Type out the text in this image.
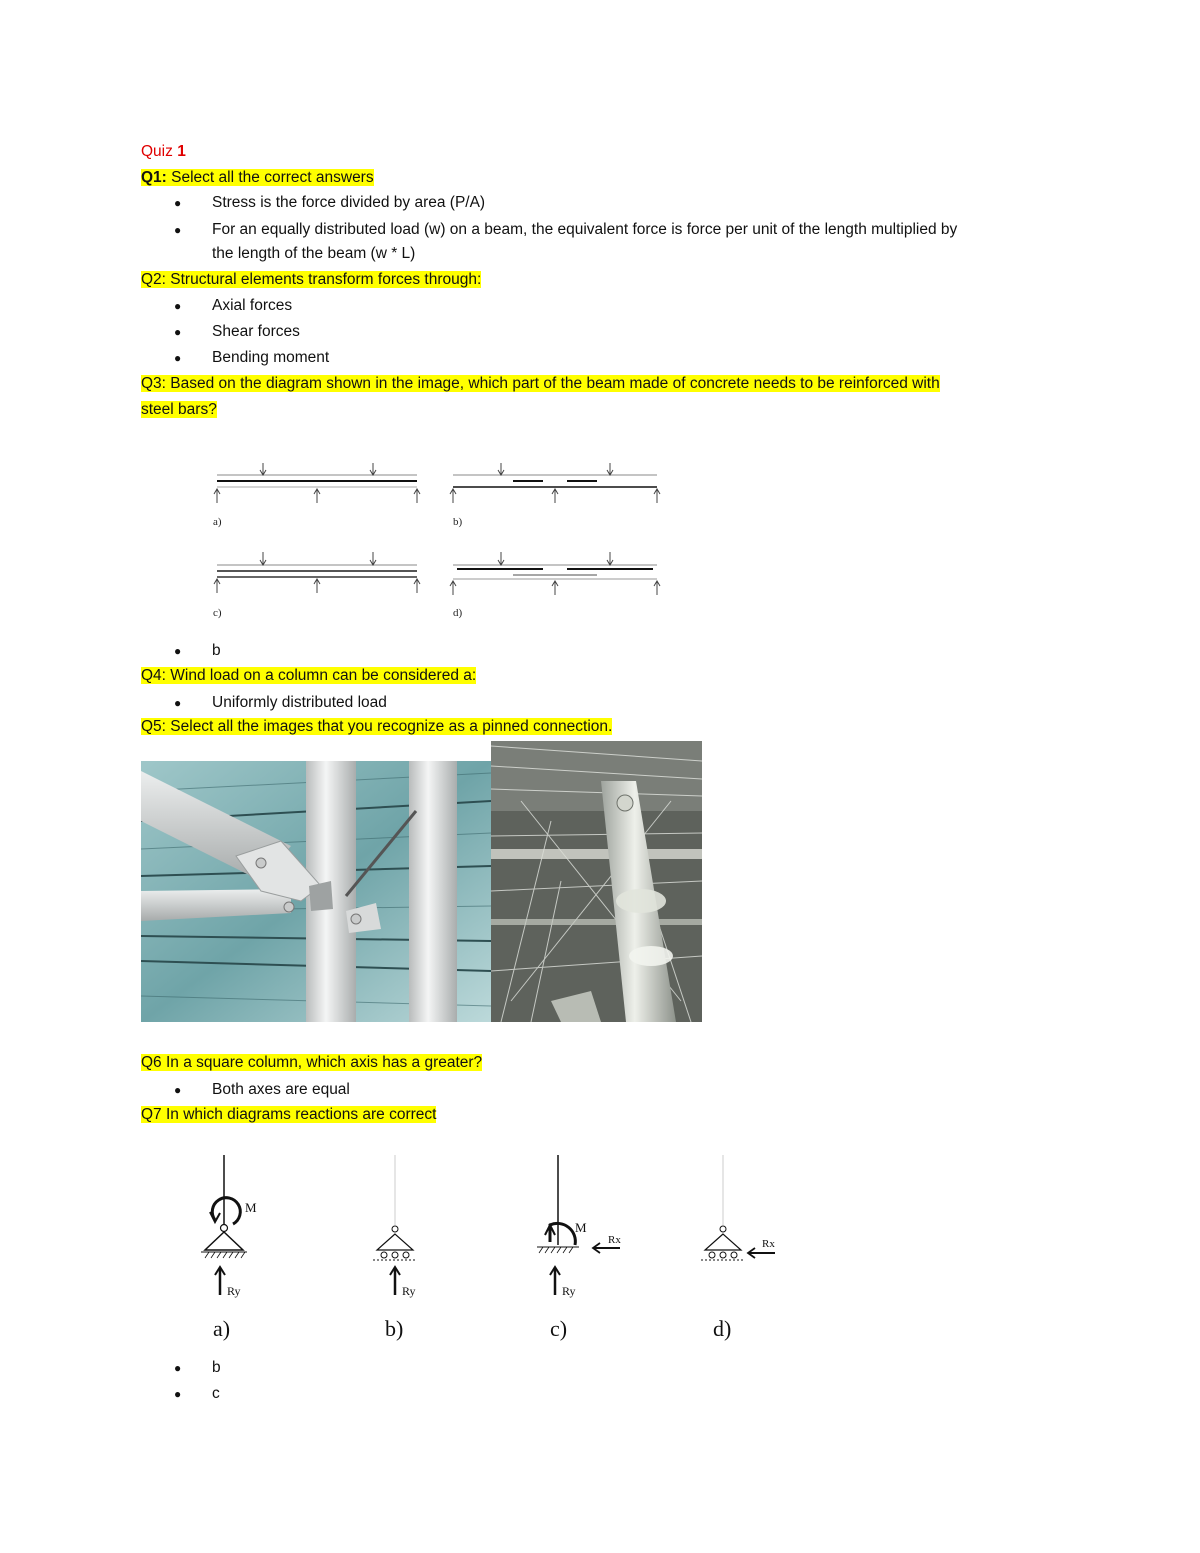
Quiz 1
Q1: Select all the correct answers
● Stress is the force divided by area (P/A)
● For an equally distributed load (w) on a beam, the equivalent force is force per unit of the length multiplied by
the length of the beam (w * L)
Q2: Structural elements transform forces through:
● Axial forces
● Shear forces
● Bending moment
Q3: Based on the diagram shown in the image, which part of the beam made of concrete needs to be reinforced with
steel bars?
a)	b)
c)	d)
● b
Q4: Wind load on a column can be considered a:
● Uniformly distributed load
Q5: Select all the images that you recognize as a pinned connection.
Q6 In a square column, which axis has a greater?
● Both axes are equal
Q7 In which diagrams reactions are correct
M
Ry	Ry
M
Rx
Ry
Rx
a)	b)	c)	d)
● b
● c
